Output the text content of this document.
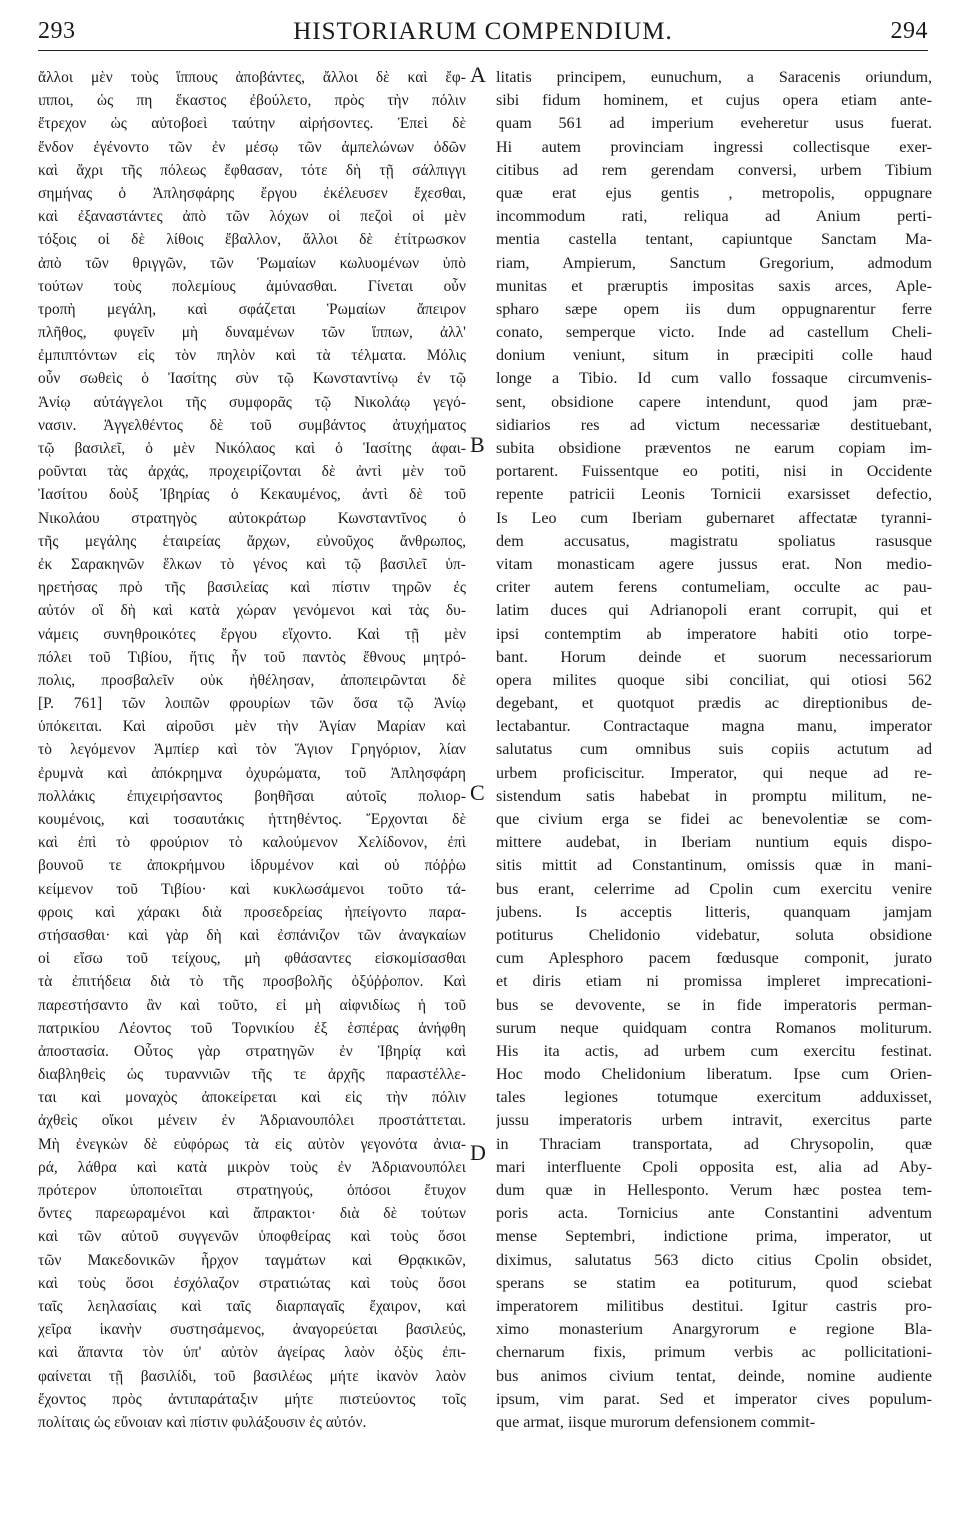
293	HISTORIARUM COMPENDIUM.	294
ἄλλοι μὲν τοὺς ἵππους ἀποβάντες, ἄλλοι δὲ καὶ ἔφ-
ιπποι, ὡς πη ἕκαστος ἐβούλετο, πρὸς τὴν πόλιν
ἔτρεχον ὡς αὐτοβοεὶ ταύτην αἱρήσοντες. Ἐπεὶ δὲ
ἔνδον ἐγένοντο τῶν ἐν μέσῳ τῶν ἀμπελώνων ὁδῶν
καὶ ἄχρι τῆς πόλεως ἔφθασαν, τότε δὴ τῇ σάλπιγγι
σημήνας ὁ Ἀπλησφάρης ἔργου ἐκέλευσεν ἔχεσθαι,
καὶ ἐξαναστάντες ἀπὸ τῶν λόχων οἱ πεζοὶ οἱ μὲν
τόξοις οἱ δὲ λίθοις ἔβαλλον, ἄλλοι δὲ ἐτίτρωσκον
ἀπὸ τῶν θριγγῶν, τῶν Ῥωμαίων κωλυομένων ὑπὸ
τούτων τοὺς πολεμίους ἀμύνασθαι. Γίνεται οὖν
τροπὴ μεγάλη, καὶ σφάζεται Ῥωμαίων ἄπειρον
πλῆθος, φυγεῖν μὴ δυναμένων τῶν ἵππων, ἀλλ'
ἐμπιπτόντων εἰς τὸν πηλὸν καὶ τὰ τέλματα. Μόλις
οὖν σωθεὶς ὁ Ἰασίτης σὺν τῷ Κωνσταντίνῳ ἐν τῷ
Ἀνίῳ αὐτάγγελοι τῆς συμφορᾶς τῷ Νικολάῳ γεγό-
νασιν. Ἀγγελθέντος δὲ τοῦ συμβάντος ἀτυχήματος
τῷ βασιλεῖ, ὁ μὲν Νικόλαος καὶ ὁ Ἰασίτης ἀφαι-
ροῦνται τὰς ἀρχάς, προχειρίζονται δὲ ἀντὶ μὲν τοῦ
Ἰασίτου δοὺξ Ἰβηρίας ὁ Κεκαυμένος, ἀντὶ δὲ τοῦ
Νικολάου στρατηγὸς αὐτοκράτωρ Κωνσταντῖνος ὁ
τῆς μεγάλης ἑταιρείας ἄρχων, εὐνοῦχος ἄνθρωπος,
ἐκ Σαρακηνῶν ἕλκων τὸ γένος καὶ τῷ βασιλεῖ ὑπ-
ηρετήσας πρὸ τῆς βασιλείας καὶ πίστιν τηρῶν ἐς
αὐτόν οἳ δὴ καὶ κατὰ χώραν γενόμενοι καὶ τὰς δυ-
νάμεις συνηθροικότες ἔργου εἴχοντο. Καὶ τῇ μὲν
πόλει τοῦ Τιβίου, ἥτις ἦν τοῦ παντὸς ἔθνους μητρό-
πολις, προσβαλεῖν οὐκ ἠθέλησαν, ἀποπειρῶνται δὲ
[P. 761] τῶν λοιπῶν φρουρίων τῶν ὅσα τῷ Ἀνίῳ
ὑπόκειται. Καὶ αἱροῦσι μὲν τὴν Ἁγίαν Μαρίαν καὶ
τὸ λεγόμενον Ἀμπίερ καὶ τὸν Ἅγιον Γρηγόριον, λίαν
ἐρυμνὰ καὶ ἀπόκρημνα ὀχυρώματα, τοῦ Ἀπλησφάρη
πολλάκις ἐπιχειρήσαντος βοηθῆσαι αὐτοῖς πολιορ-
κουμένοις, καὶ τοσαυτάκις ἡττηθέντος. Ἔρχονται δὲ
καὶ ἐπὶ τὸ φρούριον τὸ καλούμενον Χελίδονον, ἐπὶ
βουνοῦ τε ἀποκρήμνου ἱδρυμένον καὶ οὐ πόῤῥω
κείμενον τοῦ Τιβίου· καὶ κυκλωσάμενοι τοῦτο τά-
φροις καὶ χάρακι διὰ προσεδρείας ἠπείγοντο παρα-
στήσασθαι· καὶ γὰρ δὴ καὶ ἐσπάνιζον τῶν ἀναγκαίων
οἱ εἴσω τοῦ τείχους, μὴ φθάσαντες εἰσκομίσασθαι
τὰ ἐπιτήδεια διὰ τὸ τῆς προσβολῆς ὀξύῤῥοπον. Καὶ
παρεστήσαντο ἂν καὶ τοῦτο, εἰ μὴ αἰφνιδίως ἡ τοῦ
πατρικίου Λέοντος τοῦ Τορνικίου ἐξ ἑσπέρας ἀνήφθη
ἀποστασία. Οὗτος γὰρ στρατηγῶν ἐν Ἰβηρίᾳ καὶ
διαβληθεὶς ὡς τυραννιῶν τῆς τε ἀρχῆς παραστέλλε-
ται καὶ μοναχὸς ἀποκείρεται καὶ εἰς τὴν πόλιν
ἀχθεὶς οἴκοι μένειν ἐν Ἀδριανουπόλει προστάττεται.
Μὴ ἐνεγκὼν δὲ εὐφόρως τὰ εἰς αὐτὸν γεγονότα ἀνια-
ρά, λάθρα καὶ κατὰ μικρὸν τοὺς ἐν Ἀδριανουπόλει
πρότερον ὑποποιεῖται στρατηγούς, ὁπόσοι ἔτυχον
ὄντες παρεωραμένοι καὶ ἄπρακτοι· διὰ δὲ τούτων
καὶ τῶν αὐτοῦ συγγενῶν ὑποφθείρας καὶ τοὺς ὅσοι
τῶν Μακεδονικῶν ἦρχον ταγμάτων καὶ Θρᾳκικῶν,
καὶ τοὺς ὅσοι ἐσχόλαζον στρατιώτας καὶ τοὺς ὅσοι
ταῖς λεηλασίαις καὶ ταῖς διαρπαγαῖς ἔχαιρον, καὶ
χεῖρα ἱκανὴν συστησάμενος, ἀναγορεύεται βασιλεύς,
καὶ ἅπαντα τὸν ὑπ' αὐτὸν ἀγείρας λαὸν ὀξὺς ἐπι-
φαίνεται τῇ βασιλίδι, τοῦ βασιλέως μήτε ἱκανὸν λαὸν
ἔχοντος πρὸς ἀντιπαράταξιν μήτε πιστεύοντος τοῖς
πολίταις ὡς εὔνοιαν καὶ πίστιν φυλάξουσιν ἐς αὐτόν.
litatis principem, eunuchum, a Saracenis oriundum,
sibi fidum hominem, et cujus opera etiam ante-
quam 561 ad imperium eveheretur usus fuerat.
Hi autem provinciam ingressi collectisque exer-
citibus ad rem gerendam conversi, urbem Tibium
quæ erat ejus gentis , metropolis, oppugnare
incommodum rati, reliqua ad Anium perti-
mentia castella tentant, capiuntque Sanctam Ma-
riam, Ampierum, Sanctum Gregorium, admodum
munitas et præruptis impositas saxis arces, Aple-
spharo sæpe opem iis dum oppugnarentur ferre
conato, semperque victo. Inde ad castellum Cheli-
donium veniunt, situm in præcipiti colle haud
longe a Tibio. Id cum vallo fossaque circumvenis-
sent, obsidione capere intendunt, quod jam præ-
sidiarios res ad victum necessariæ destituebant,
subita obsidione præventos ne earum copiam im-
portarent. Fuissentque eo potiti, nisi in Occidente
repente patricii Leonis Tornicii exarsisset defectio,
Is Leo cum Iberiam gubernaret affectatæ tyranni-
dem accusatus, magistratu spoliatus rasusque
vitam monasticam agere jussus erat. Non medio-
criter autem ferens contumeliam, occulte ac pau-
latim duces qui Adrianopoli erant corrupit, qui et
ipsi contemptim ab imperatore habiti otio torpe-
bant. Horum deinde et suorum necessariorum
opera milites quoque sibi conciliat, qui otiosi 562
degebant, et quotquot prædis ac direptionibus de-
lectabantur. Contractaque magna manu, imperator
salutatus cum omnibus suis copiis actutum ad
urbem proficiscitur. Imperator, qui neque ad re-
sistendum satis habebat in promptu militum, ne-
que civium erga se fidei ac benevolentiæ se com-
mittere audebat, in Iberiam nuntium equis dispo-
sitis mittit ad Constantinum, omissis quæ in mani-
bus erant, celerrime ad Cpolin cum exercitu venire
jubens. Is acceptis litteris, quanquam jamjam
potiturus Chelidonio videbatur, soluta obsidione
cum Aplesphoro pacem fœdusque componit, jurato
et diris etiam ni promissa impleret imprecationi-
bus se devovente, se in fide imperatoris perman-
surum neque quidquam contra Romanos moliturum.
His ita actis, ad urbem cum exercitu festinat.
Hoc modo Chelidonium liberatum. Ipse cum Orien-
tales legiones totumque exercitum adduxisset,
jussu imperatoris urbem intravit, exercitus parte
in Thraciam transportata, ad Chrysopolin, quæ
mari interfluente Cpoli opposita est, alia ad Aby-
dum quæ in Hellesponto. Verum hæc postea tem-
poris acta. Tornicius ante Constantini adventum
mense Septembri, indictione prima, imperator, ut
diximus, salutatus 563 dicto citius Cpolin obsidet,
sperans se statim ea potiturum, quod sciebat
imperatorem militibus destitui. Igitur castris pro-
ximo monasterium Anargyrorum e regione Bla-
chernarum fixis, primum verbis ac pollicitationi-
bus animos civium tentat, deinde, nomine audiente
ipsum, vim parat. Sed et imperator cives populum-
que armat, iisque murorum defensionem commit-
A
B
C
D
